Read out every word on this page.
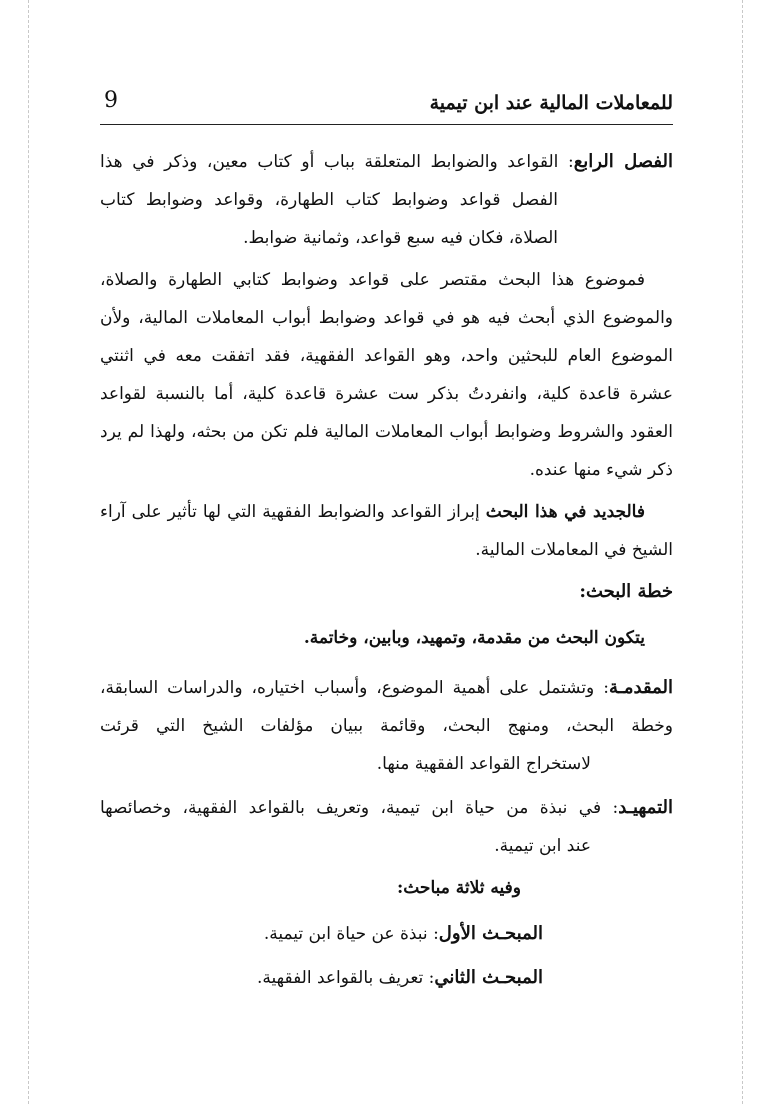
للمعاملات المالية عند ابن تيمية
9
الفصل الرابع: القواعد والضوابط المتعلقة بباب أو كتاب معين، وذكر في هذا
الفصل قواعد وضوابط كتاب الطهارة، وقواعد وضوابط كتاب
الصلاة، فكان فيه سبع قواعد، وثمانية ضوابط.
فموضوع هذا البحث مقتصر على قواعد وضوابط كتابي الطهارة والصلاة،
والموضوع الذي أبحث فيه هو في قواعد وضوابط أبواب المعاملات المالية، ولأن
الموضوع العام للبحثين واحد، وهو القواعد الفقهية، فقد اتفقت معه في اثنتي
عشرة قاعدة كلية، وانفردتُ بذكر ست عشرة قاعدة كلية، أما بالنسبة لقواعد
العقود والشروط وضوابط أبواب المعاملات المالية فلم تكن من بحثه، ولهذا لم يرد
ذكر شيء منها عنده.
فالجديد في هذا البحث إبراز القواعد والضوابط الفقهية التي لها تأثير على آراء
الشيخ في المعاملات المالية.
خطة البحث:
يتكون البحث من مقدمة، وتمهيد، وبابين، وخاتمة.
المقدمـة: وتشتمل على أهمية الموضوع، وأسباب اختياره، والدراسات السابقة،
وخطة البحث، ومنهج البحث، وقائمة ببيان مؤلفات الشيخ التي قرئت
لاستخراج القواعد الفقهية منها.
التمهيـد: في نبذة من حياة ابن تيمية، وتعريف بالقواعد الفقهية، وخصائصها
عند ابن تيمية.
وفيه ثلاثة مباحث:
المبحـث الأول: نبذة عن حياة ابن تيمية.
المبحـث الثاني: تعريف بالقواعد الفقهية.
